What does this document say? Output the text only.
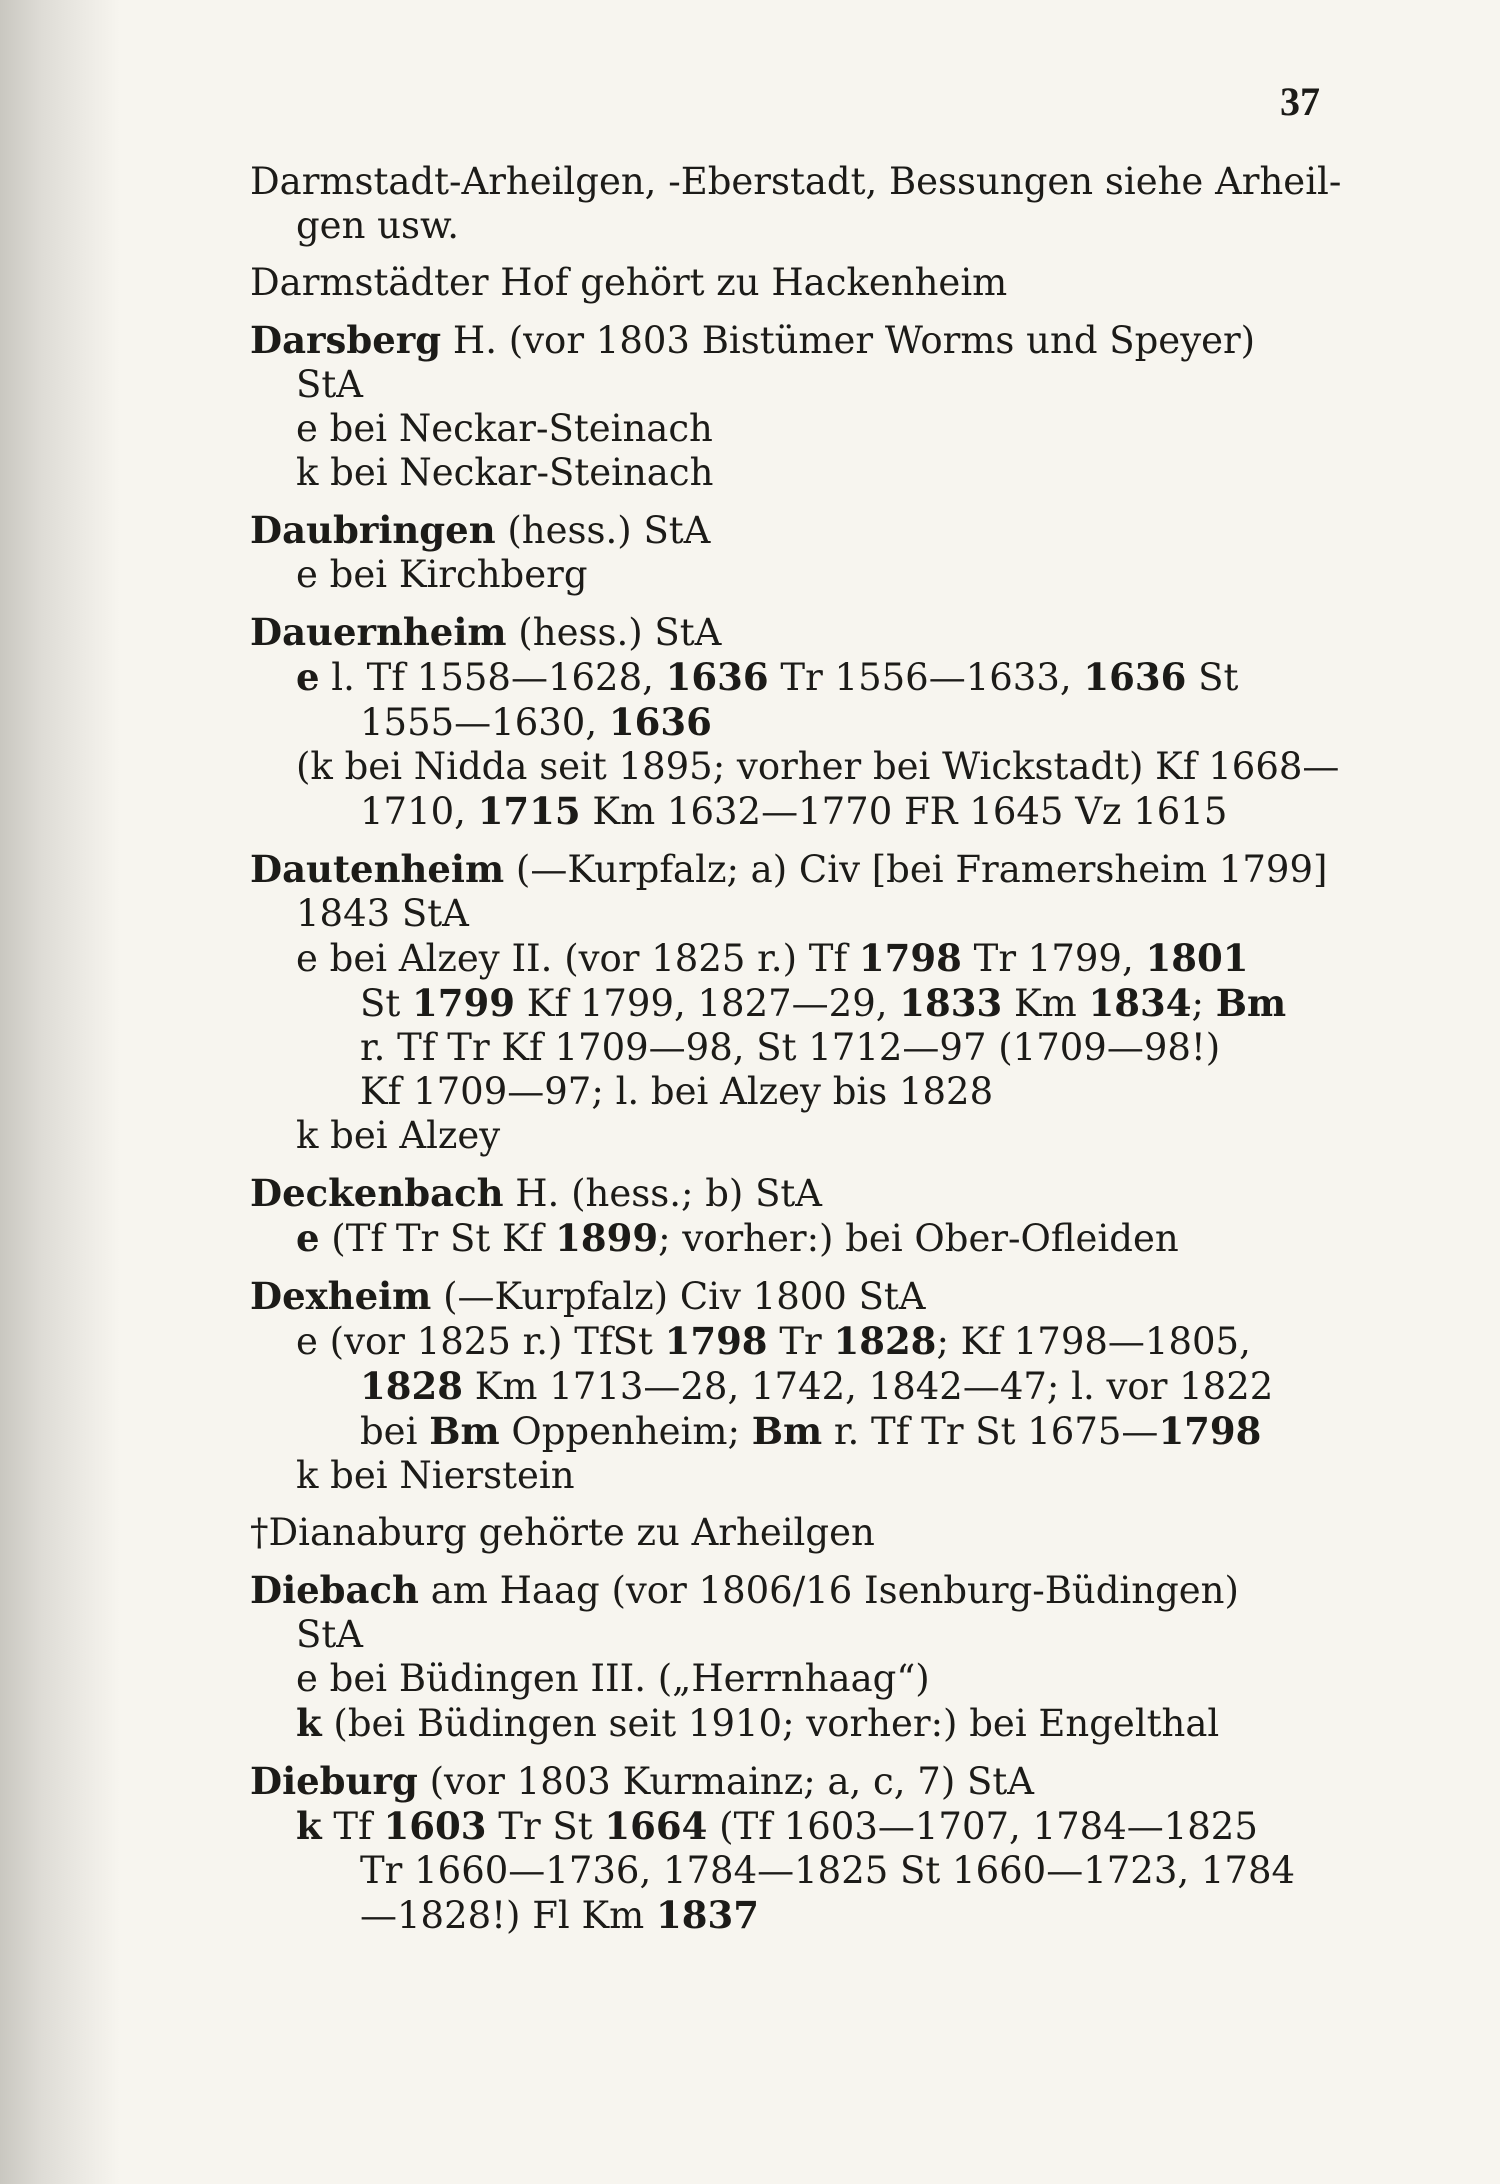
37
Darmstadt-Arheilgen, -Eberstadt, Bessungen siehe Arheil-
gen usw.
Darmstädter Hof gehört zu Hackenheim
Darsberg H. (vor 1803 Bistümer Worms und Speyer)
StA
e bei Neckar-Steinach
k bei Neckar-Steinach
Daubringen (hess.) StA
e bei Kirchberg
Dauernheim (hess.) StA
e l. Tf 1558—1628, 1636 Tr 1556—1633, 1636 St
1555—1630, 1636
(k bei Nidda seit 1895; vorher bei Wickstadt) Kf 1668—
1710, 1715 Km 1632—1770 FR 1645 Vz 1615
Dautenheim (—Kurpfalz; a) Civ [bei Framersheim 1799]
1843 StA
e bei Alzey II. (vor 1825 r.) Tf 1798 Tr 1799, 1801
St 1799 Kf 1799, 1827—29, 1833 Km 1834; Bm
r. Tf Tr Kf 1709—98, St 1712—97 (1709—98!)
Kf 1709—97; l. bei Alzey bis 1828
k bei Alzey
Deckenbach H. (hess.; b) StA
e (Tf Tr St Kf 1899; vorher:) bei Ober-Ofleiden
Dexheim (—Kurpfalz) Civ 1800 StA
e (vor 1825 r.) TfSt 1798 Tr 1828; Kf 1798—1805,
1828 Km 1713—28, 1742, 1842—47; l. vor 1822
bei Bm Oppenheim; Bm r. Tf Tr St 1675—1798
k bei Nierstein
†Dianaburg gehörte zu Arheilgen
Diebach am Haag (vor 1806/16 Isenburg-Büdingen)
StA
e bei Büdingen III. („Herrnhaag“)
k (bei Büdingen seit 1910; vorher:) bei Engelthal
Dieburg (vor 1803 Kurmainz; a, c, 7) StA
k Tf 1603 Tr St 1664 (Tf 1603—1707, 1784—1825
Tr 1660—1736, 1784—1825 St 1660—1723, 1784
—1828!) Fl Km 1837
